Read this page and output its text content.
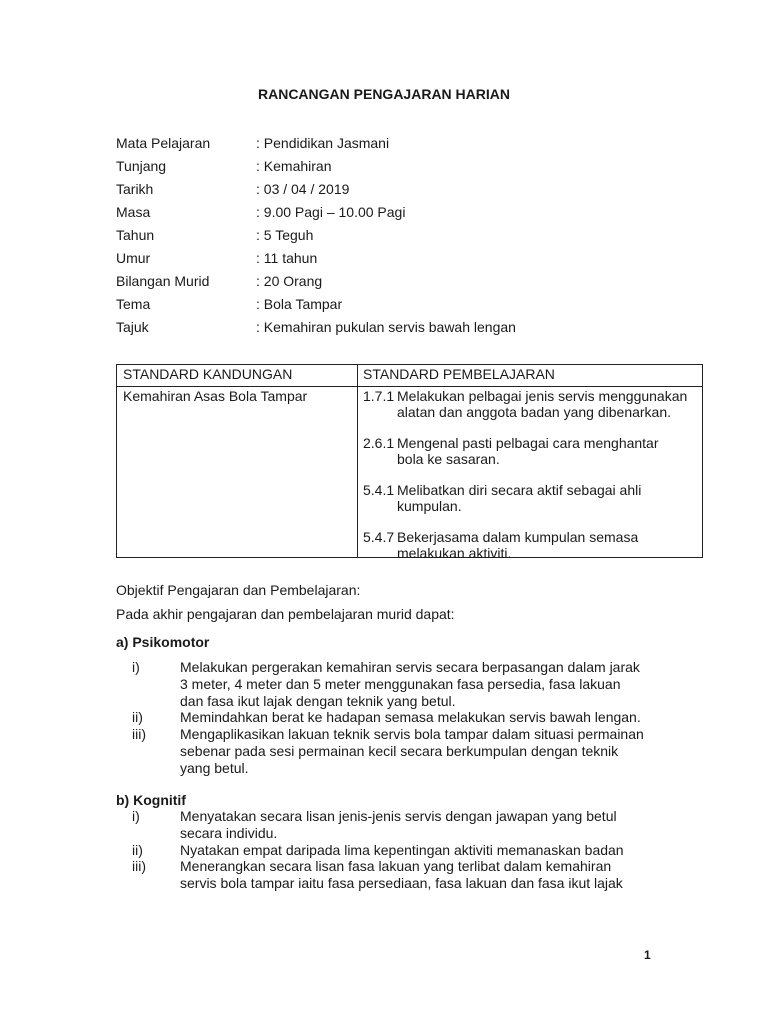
RANCANGAN PENGAJARAN HARIAN
Mata Pelajaran	: Pendidikan Jasmani
Tunjang	: Kemahiran
Tarikh	: 03 / 04 / 2019
Masa	: 9.00 Pagi – 10.00 Pagi
Tahun	: 5 Teguh
Umur	: 11 tahun
Bilangan Murid	: 20 Orang
Tema	: Bola Tampar
Tajuk	: Kemahiran pukulan servis bawah lengan
STANDARD KANDUNGAN	STANDARD PEMBELAJARAN
Kemahiran Asas Bola Tampar	1.7.1 Melakukan pelbagai jenis servis menggunakan
alatan dan anggota badan yang dibenarkan.
2.6.1 Mengenal pasti pelbagai cara menghantar
bola ke sasaran.
5.4.1 Melibatkan diri secara aktif sebagai ahli
kumpulan.
5.4.7 Bekerjasama dalam kumpulan semasa
melakukan aktiviti.
Objektif Pengajaran dan Pembelajaran:
Pada akhir pengajaran dan pembelajaran murid dapat:
a) Psikomotor
i)	Melakukan pergerakan kemahiran servis secara berpasangan dalam jarak
3 meter, 4 meter dan 5 meter menggunakan fasa persedia, fasa lakuan
dan fasa ikut lajak dengan teknik yang betul.
ii)	Memindahkan berat ke hadapan semasa melakukan servis bawah lengan.
iii)	Mengaplikasikan lakuan teknik servis bola tampar dalam situasi permainan
sebenar pada sesi permainan kecil secara berkumpulan dengan teknik
yang betul.
b) Kognitif
i)	Menyatakan secara lisan jenis-jenis servis dengan jawapan yang betul
secara individu.
ii)	Nyatakan empat daripada lima kepentingan aktiviti memanaskan badan
iii)	Menerangkan secara lisan fasa lakuan yang terlibat dalam kemahiran
servis bola tampar iaitu fasa persediaan, fasa lakuan dan fasa ikut lajak
1
